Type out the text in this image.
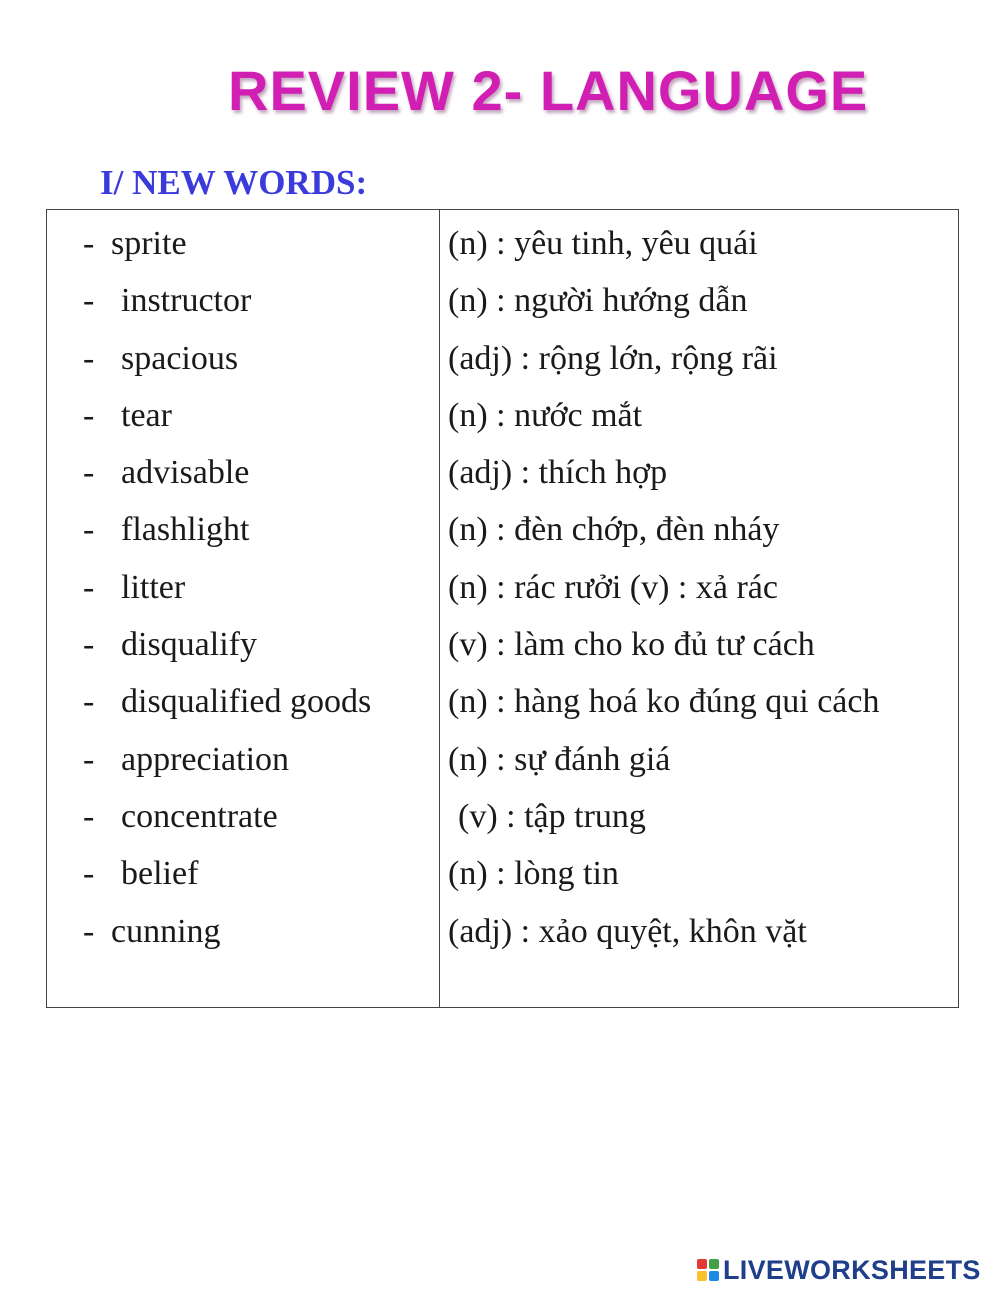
REVIEW 2- LANGUAGE
I/ NEW WORDS:
- sprite
- instructor
- spacious
- tear
- advisable
- flashlight
- litter
- disqualify
- disqualified goods
- appreciation
- concentrate
- belief
- cunning
(n) : yêu tinh, yêu quái
(n) : người hướng dẫn
(adj) : rộng lớn, rộng rãi
(n) : nước mắt
(adj) : thích hợp
(n) : đèn chớp, đèn nháy
(n) : rác rưởi (v) : xả rác
(v) : làm cho ko đủ tư cách
(n) : hàng hoá ko đúng qui cách
(n) : sự đánh giá
(v) : tập trung
(n) : lòng tin
(adj) : xảo quyệt, khôn vặt
LIVEWORKSHEETS
